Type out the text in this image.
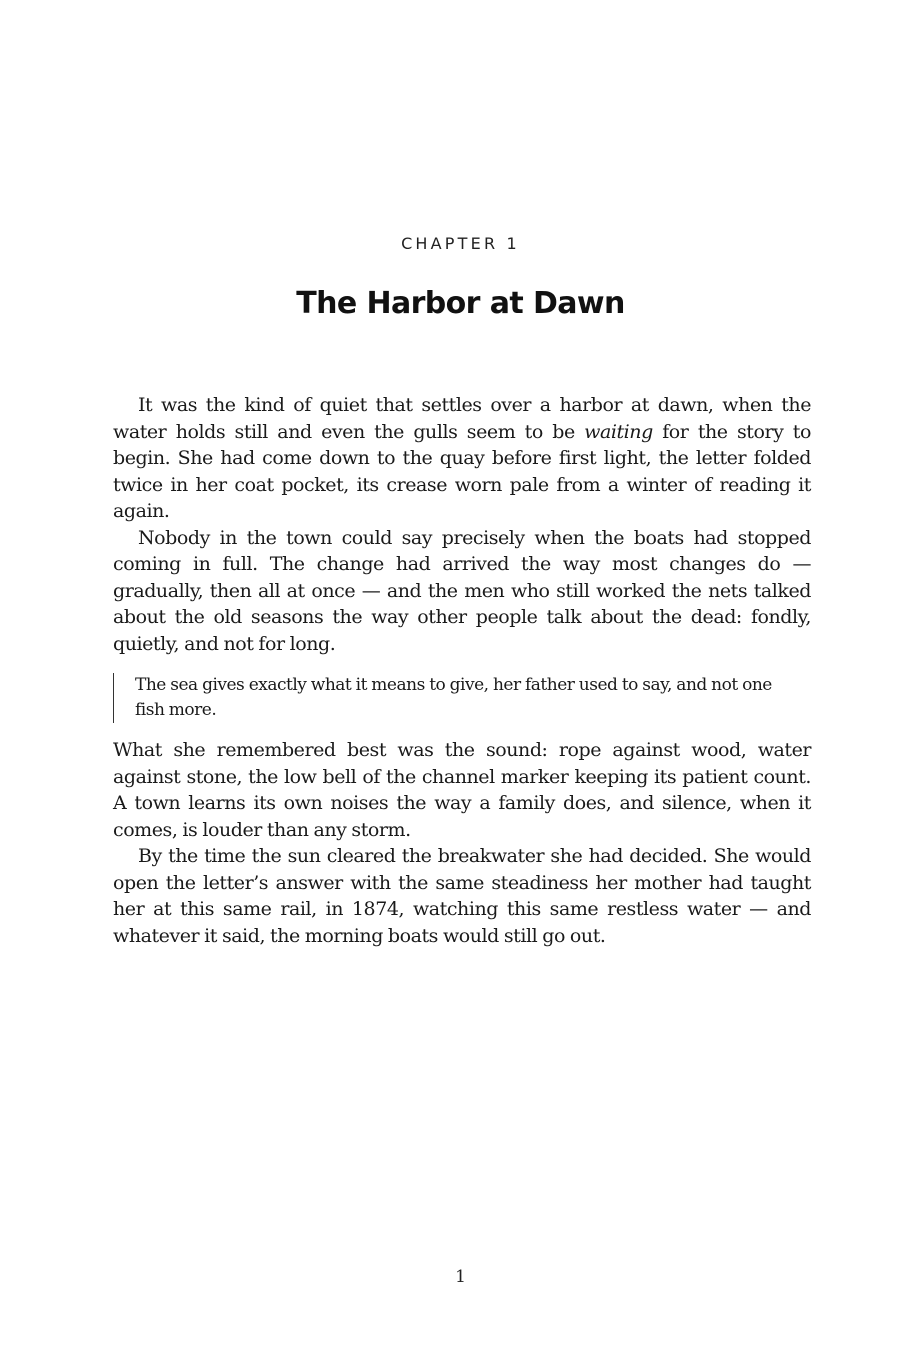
CHAPTER 1

The Harbor at Dawn

It was the kind of quiet that settles over a harbor at dawn, when the water holds still and even the gulls seem to be waiting for the story to begin. She had come down to the quay before first light, the letter folded twice in her coat pocket, its crease worn pale from a winter of reading it again.

Nobody in the town could say precisely when the boats had stopped coming in full. The change had arrived the way most changes do — gradually, then all at once — and the men who still worked the nets talked about the old seasons the way other people talk about the dead: fondly, quietly, and not for long.

The sea gives exactly what it means to give, her father used to say, and not one fish more.

What she remembered best was the sound: rope against wood, water against stone, the low bell of the channel marker keeping its patient count. A town learns its own noises the way a family does, and silence, when it comes, is louder than any storm.

By the time the sun cleared the breakwater she had decided. She would open the letter’s answer with the same steadiness her mother had taught her at this same rail, in 1874, watching this same restless water — and whatever it said, the morning boats would still go out.

1
